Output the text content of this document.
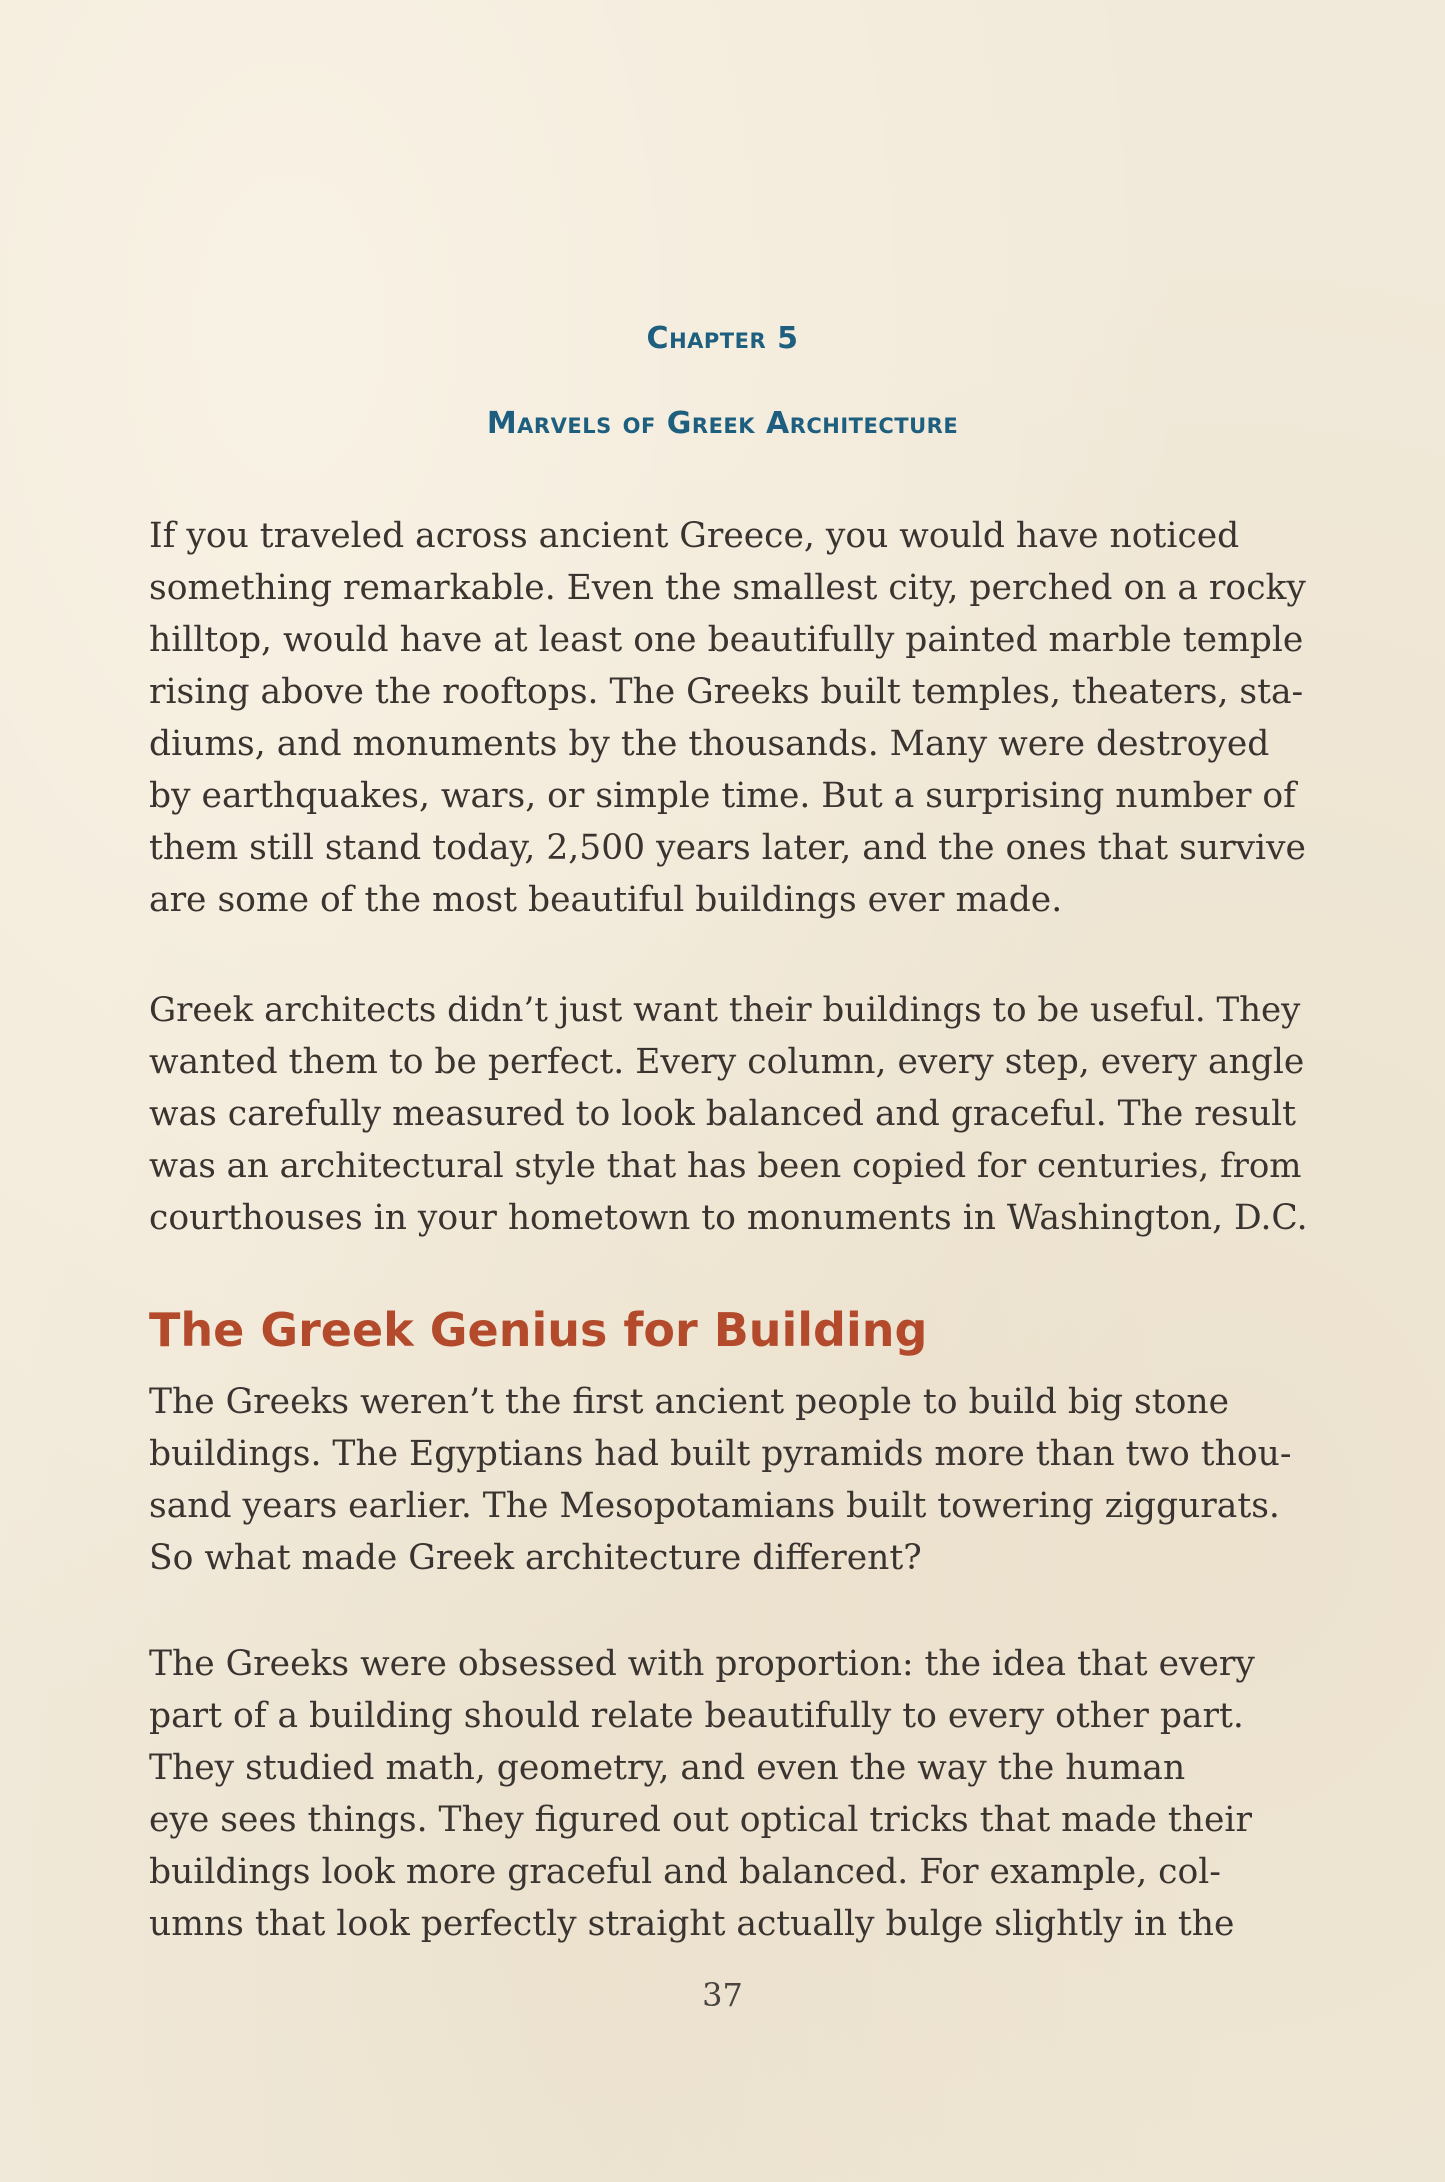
Chapter 5
Marvels of Greek Architecture

If you traveled across ancient Greece, you would have noticed
something remarkable. Even the smallest city, perched on a rocky
hilltop, would have at least one beautifully painted marble temple
rising above the rooftops. The Greeks built temples, theaters, sta-
diums, and monuments by the thousands. Many were destroyed
by earthquakes, wars, or simple time. But a surprising number of
them still stand today, 2,500 years later, and the ones that survive
are some of the most beautiful buildings ever made.

Greek architects didn’t just want their buildings to be useful. They
wanted them to be perfect. Every column, every step, every angle
was carefully measured to look balanced and graceful. The result
was an architectural style that has been copied for centuries, from
courthouses in your hometown to monuments in Washington, D.C.

The Greek Genius for Building

The Greeks weren’t the first ancient people to build big stone
buildings. The Egyptians had built pyramids more than two thou-
sand years earlier. The Mesopotamians built towering ziggurats.
So what made Greek architecture different?

The Greeks were obsessed with proportion: the idea that every
part of a building should relate beautifully to every other part.
They studied math, geometry, and even the way the human
eye sees things. They figured out optical tricks that made their
buildings look more graceful and balanced. For example, col-
umns that look perfectly straight actually bulge slightly in the

37
